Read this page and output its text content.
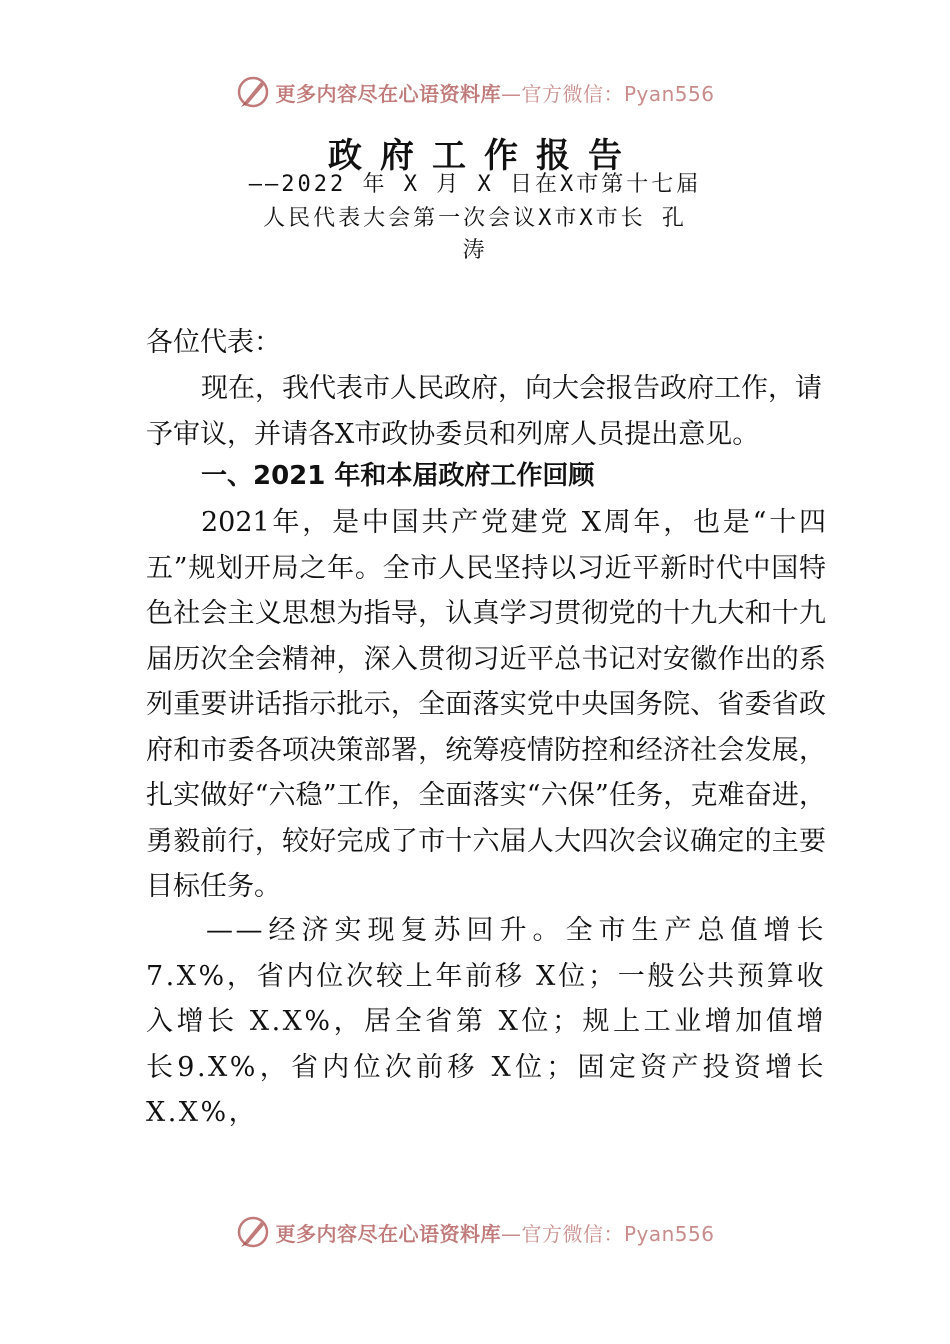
更多内容尽在心语资料库—官方微信：Pyan556
政府工作报告
——2022 年 X 月 X 日在X市第十七届
人民代表大会第一次会议X市X市长 孔
涛
各位代表：
现在，我代表市人民政府，向大会报告政府工作，请予审议，并请各X市政协委员和列席人员提出意见。
一、2021 年和本届政府工作回顾
2021年，是中国共产党建党 X周年，也是“十四五”规划开局之年。全市人民坚持以习近平新时代中国特色社会主义思想为指导，认真学习贯彻党的十九大和十九届历次全会精神，深入贯彻习近平总书记对安徽作出的系列重要讲话指示批示，全面落实党中央国务院、省委省政府和市委各项决策部署，统筹疫情防控和经济社会发展，扎实做好“六稳”工作，全面落实“六保”任务，克难奋进，勇毅前行，较好完成了市十六届人大四次会议确定的主要目标任务。
——经济实现复苏回升。全市生产总值增长7.X%，省内位次较上年前移 X位；一般公共预算收入增长 X.X%，居全省第 X位；规上工业增加值增长9.X%，省内位次前移 X位；固定资产投资增长X.X%，
更多内容尽在心语资料库—官方微信：Pyan556
